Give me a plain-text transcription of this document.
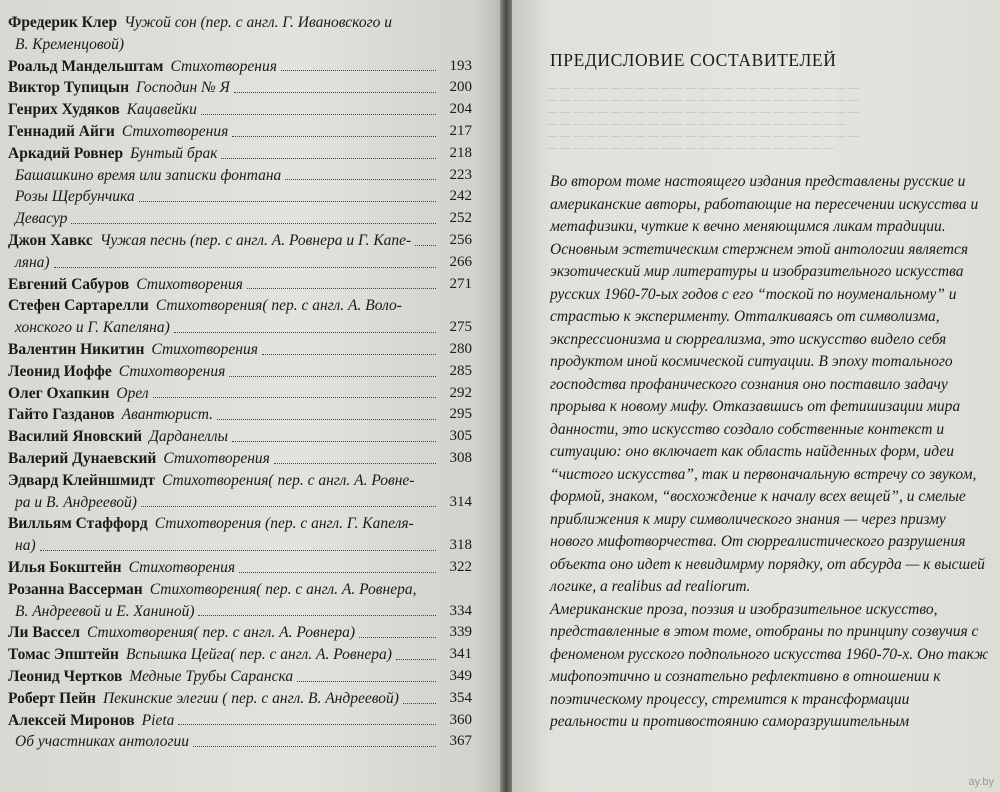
Фредерик Клер Чужой сон (пер. с англ. Г. Ивановского и
В. Кременцовой)
Роальд Мандельштам Стихотворения	193
Виктор Тупицын Господин № Я	200
Генрих Худяков Кацавейки	204
Геннадий Айги Стихотворения	217
Аркадий Ровнер Бунтый брак	218
Башашкино время или записки фонтана	223
Розы Щербунчика	242
Девасур	252
Джон Хавкс Чужая песнь (пер. с англ. А. Ровнера и Г. Капе-	256
ляна)	266
Евгений Сабуров Стихотворения	271
Стефен Сартарелли Стихотворения( пер. с англ. А. Воло-
хонского и Г. Капеляна)	275
Валентин Никитин Стихотворения	280
Леонид Иоффе Стихотворения	285
Олег Охапкин Орел	292
Гайто Газданов Авантюрист.	295
Василий Яновский Дарданеллы	305
Валерий Дунаевский Стихотворения	308
Эдвард Клейншмидт Стихотворения( пер. с англ. А. Ровне-
ра и В. Андреевой)	314
Вилльям Стаффорд Стихотворения (пер. с англ. Г. Капеля-
на)	318
Илья Бокштейн Стихотворения	322
Розанна Вассерман Стихотворения( пер. с англ. А. Ровнера,
В. Андреевой и Е. Ханиной)	334
Ли Вассел Стихотворения( пер. с англ. А. Ровнера)	339
Томас Эпштейн Вспышка Цейга( пер. с англ. А. Ровнера)	341
Леонид Чертков Медные Трубы Саранска	349
Роберт Пейн Пекинские элегии ( пер. с англ. В. Андреевой)	354
Алексей Миронов Pieta	360
Об участниках антологии	367
ПРЕДИСЛОВИЕ СОСТАВИТЕЛЕЙ
— — — — — — — — — — — — — — — — — — — — — — — — —
— — — — — — — — — — — — — — — — — — — — — — — — —
— — — — — — — — — — — — — — — — — — — — — — — — —
— — — — — — — — — — — — — — — — — — — — — — — —
— — — — — — — — — — — — — — — — — — — — — — — — —
— — — — — — — — — — — — — — — — — — — — — — —
Во втором томе настоящего издания представлены русские и
американские авторы, работающие на пересечении искусства и
метафизики, чуткие к вечно меняющимся ликам традиции.
Основным эстетическим стержнем этой антологии является
экзотический мир литературы и изобразительного искусства
русских 1960-70-ых годов с его “тоской по ноуменальному” и
страстью к эксперименту. Отталкиваясь от символизма,
экспрессионизма и сюрреализма, это искусство видело себя
продуктом иной космической ситуации. В эпоху тотального
господства профанического сознания оно поставило задачу
прорыва к новому мифу. Отказавшись от фетишизации мира
данности, это искусство создало собственные контекст и
ситуацию: оно включает как область найденных форм, идеи
“чистого искусства”, так и первоначальную встречу со звуком,
формой, знаком, “восхождение к началу всех вещей”, и смелые
приближения к миру символического знания — через призму
нового мифотворчества. От сюрреалистического разрушения
объекта оно идет к невидимрму порядку, от абсурда — к высшей
логике, a realibus ad realiorum.
Американские проза, поэзия и изобразительное искусство,
представленные в этом томе, отобраны по принципу созвучия с
феноменом русского подпольного искусства 1960-70-х. Оно такж
мифопоэтично и сознательно рефлективно в отношении к
поэтическому процессу, стремится к трансформации
реальности и противостоянию саморазрушительным
ay.by
